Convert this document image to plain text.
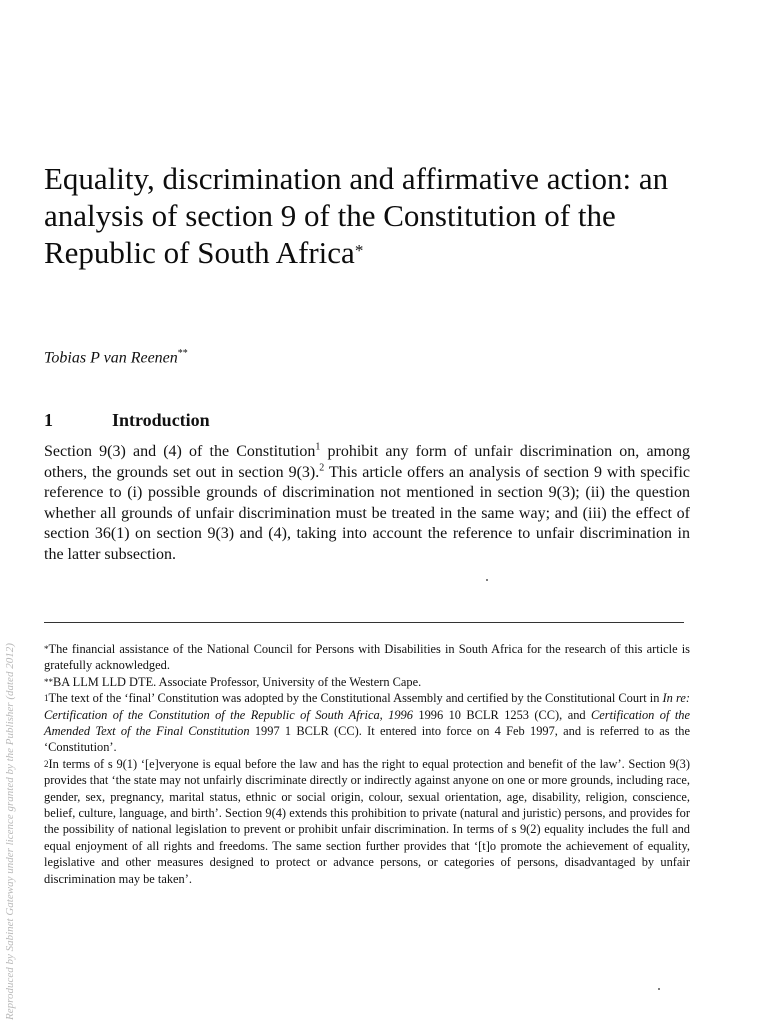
Equality, discrimination and affirmative action: an analysis of section 9 of the Constitution of the Republic of South Africa*
Tobias P van Reenen**
1	Introduction

Section 9(3) and (4) of the Constitution$^1$ prohibit any form of unfair discrimination on, among others, the grounds set out in section 9(3).$^2$ This article offers an analysis of section 9 with specific reference to (i) possible grounds of discrimination not mentioned in section 9(3); (ii) the question whether all grounds of unfair discrimination must be treated in the same way; and (iii) the effect of section 36(1) on section 9(3) and (4), taking into account the reference to unfair discrimination in the latter subsection.

*The financial assistance of the National Council for Persons with Disabilities in South Africa for the research of this article is gratefully acknowledged.

**BA LLM LLD DTE. Associate Professor, University of the Western Cape.

$^1$The text of the ‘final’ Constitution was adopted by the Constitutional Assembly and certified by the Constitutional Court in In re: Certification of the Constitution of the Republic of South Africa, 1996 1996 10 BCLR 1253 (CC), and Certification of the Amended Text of the Final Constitution 1997 1 BCLR (CC). It entered into force on 4 Feb 1997, and is referred to as the ‘Constitution’.

$^2$In terms of s 9(1) ‘[e]veryone is equal before the law and has the right to equal protection and benefit of the law’. Section 9(3) provides that ‘the state may not unfairly discriminate directly or indirectly against anyone on one or more grounds, including race, gender, sex, pregnancy, marital status, ethnic or social origin, colour, sexual orientation, age, disability, religion, conscience, belief, culture, language, and birth’. Section 9(4) extends this prohibition to private (natural and juristic) persons, and provides for the possibility of national legislation to prevent or prohibit unfair discrimination. In terms of s 9(2) equality includes the full and equal enjoyment of all rights and freedoms. The same section further provides that ‘[t]o promote the achievement of equality, legislative and other measures designed to protect or advance persons, or categories of persons, disadvantaged by unfair discrimination may be taken’.

Reproduced by Sabinet Gateway under licence granted by the Publisher (dated 2012)
